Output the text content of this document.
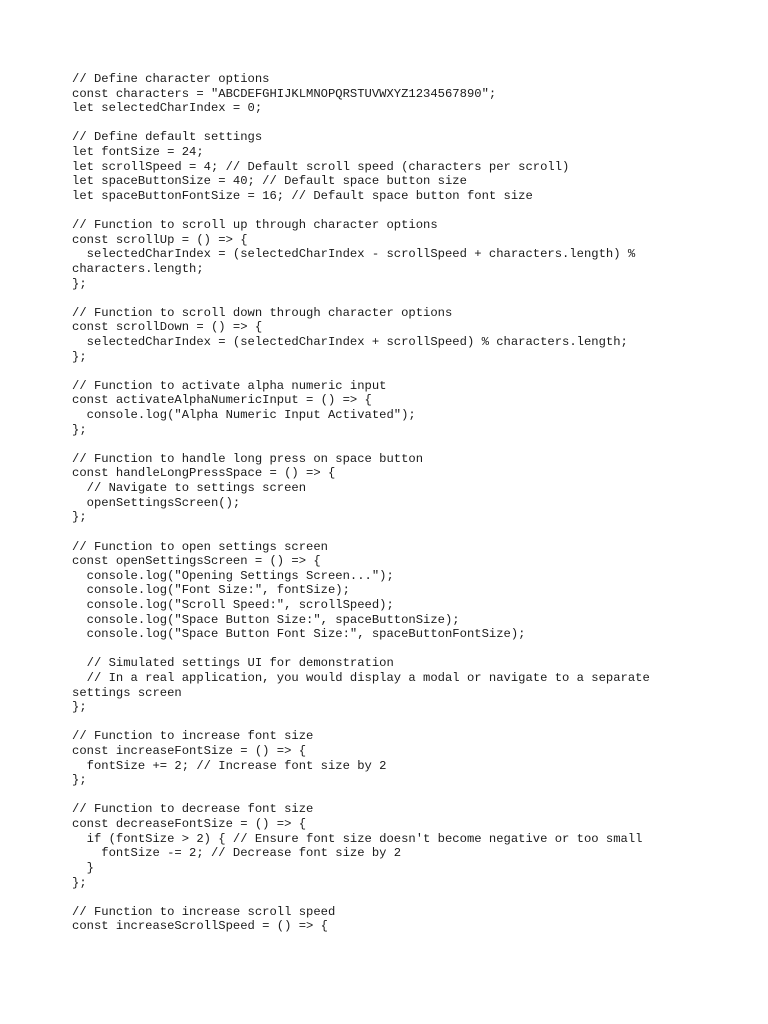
// Define character options
const characters = "ABCDEFGHIJKLMNOPQRSTUVWXYZ1234567890";
let selectedCharIndex = 0;
// Define default settings
let fontSize = 24;
let scrollSpeed = 4; // Default scroll speed (characters per scroll)
let spaceButtonSize = 40; // Default space button size
let spaceButtonFontSize = 16; // Default space button font size
// Function to scroll up through character options
const scrollUp = () => {
selectedCharIndex = (selectedCharIndex - scrollSpeed + characters.length) %
characters.length;
};
// Function to scroll down through character options
const scrollDown = () => {
selectedCharIndex = (selectedCharIndex + scrollSpeed) % characters.length;
};
// Function to activate alpha numeric input
const activateAlphaNumericInput = () => {
console.log("Alpha Numeric Input Activated");
};
// Function to handle long press on space button
const handleLongPressSpace = () => {
// Navigate to settings screen
openSettingsScreen();
};
// Function to open settings screen
const openSettingsScreen = () => {
console.log("Opening Settings Screen...");
console.log("Font Size:", fontSize);
console.log("Scroll Speed:", scrollSpeed);
console.log("Space Button Size:", spaceButtonSize);
console.log("Space Button Font Size:", spaceButtonFontSize);
// Simulated settings UI for demonstration
// In a real application, you would display a modal or navigate to a separate
settings screen
};
// Function to increase font size
const increaseFontSize = () => {
fontSize += 2; // Increase font size by 2
};
// Function to decrease font size
const decreaseFontSize = () => {
if (fontSize > 2) { // Ensure font size doesn't become negative or too small
fontSize -= 2; // Decrease font size by 2
}
};
// Function to increase scroll speed
const increaseScrollSpeed = () => {
